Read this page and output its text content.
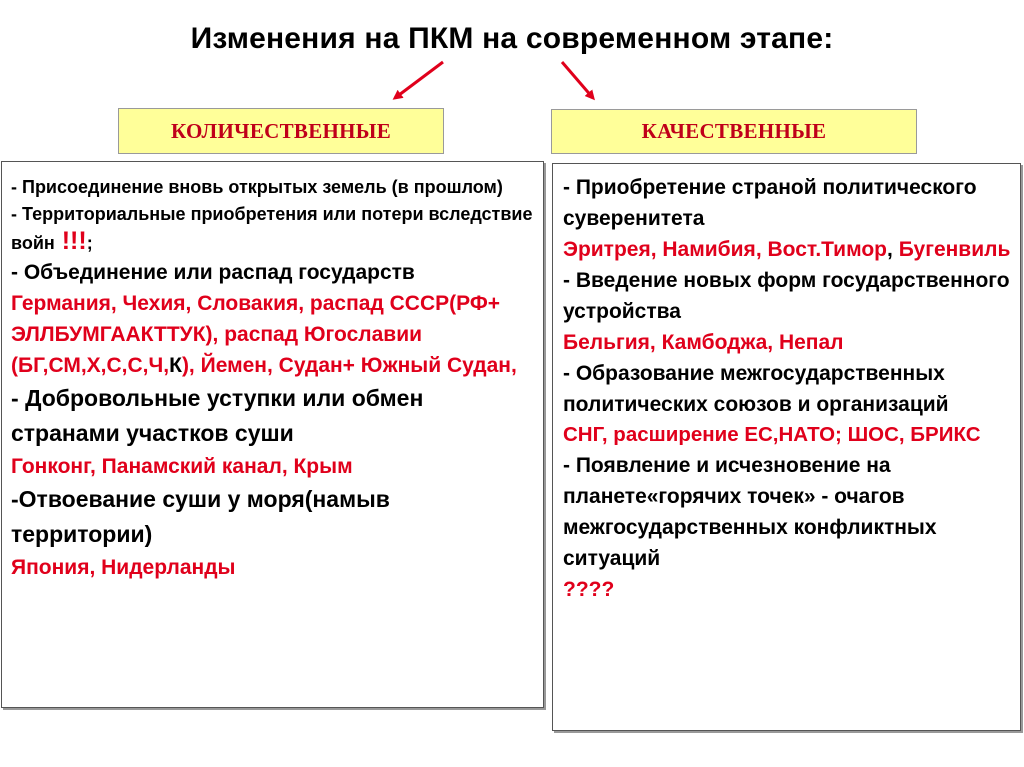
Изменения на ПКМ на современном этапе:
КОЛИЧЕСТВЕННЫЕ	КАЧЕСТВЕННЫЕ

- Присоединение вновь открытых земель (в прошлом)

- Территориальные приобретения или потери вследствие войн !!!;

- Объединение или распад государств

Германия, Чехия, Словакия, распад СССР(РФ+ ЭЛЛБУМГААКТТУК), распад Югославии (БГ,СМ,Х,С,С,Ч,К), Йемен, Судан+ Южный Судан,

- Добровольные уступки или обмен странами участков суши

Гонконг, Панамский канал, Крым

-Отвоевание суши у моря(намыв территории)

Япония, Нидерланды

- Приобретение страной политического суверенитета

Эритрея, Намибия, Вост.Тимор, Бугенвиль

- Введение новых форм государственного устройства

Бельгия, Камбоджа, Непал

- Образование межгосударственных политических союзов и организаций

СНГ, расширение ЕС,НАТО; ШОС, БРИКС

- Появление и исчезновение на планете«горячих точек» - очагов межгосударственных конфликтных ситуаций

????
